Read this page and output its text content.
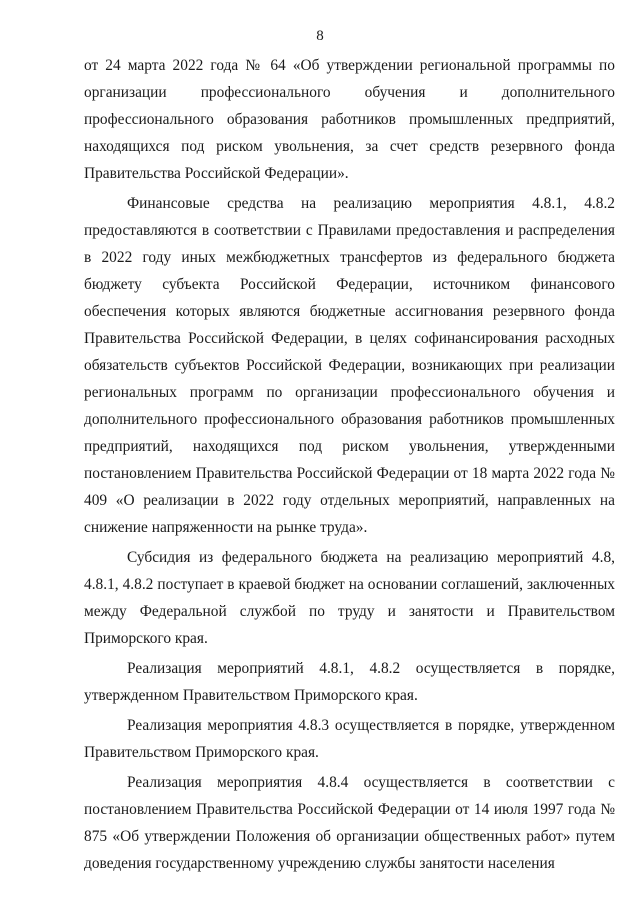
8

от 24 марта 2022 года № 64 «Об утверждении региональной программы по организации профессионального обучения и дополнительного профессионального образования работников промышленных предприятий, находящихся под риском увольнения, за счет средств резервного фонда Правительства Российской Федерации».

Финансовые средства на реализацию мероприятия 4.8.1, 4.8.2 предоставляются в соответствии с Правилами предоставления и распределения в 2022 году иных межбюджетных трансфертов из федерального бюджета бюджету субъекта Российской Федерации, источником финансового обеспечения которых являются бюджетные ассигнования резервного фонда Правительства Российской Федерации, в целях софинансирования расходных обязательств субъектов Российской Федерации, возникающих при реализации региональных программ по организации профессионального обучения и дополнительного профессионального образования работников промышленных предприятий, находящихся под риском увольнения, утвержденными постановлением Правительства Российской Федерации от 18 марта 2022 года № 409 «О реализации в 2022 году отдельных мероприятий, направленных на снижение напряженности на рынке труда».

Субсидия из федерального бюджета на реализацию мероприятий 4.8, 4.8.1, 4.8.2 поступает в краевой бюджет на основании соглашений, заключенных между Федеральной службой по труду и занятости и Правительством Приморского края.

Реализация мероприятий 4.8.1, 4.8.2 осуществляется в порядке, утвержденном Правительством Приморского края.

Реализация мероприятия 4.8.3 осуществляется в порядке, утвержденном Правительством Приморского края.

Реализация мероприятия 4.8.4 осуществляется в соответствии с постановлением Правительства Российской Федерации от 14 июля 1997 года № 875 «Об утверждении Положения об организации общественных работ» путем доведения государственному учреждению службы занятости населения
